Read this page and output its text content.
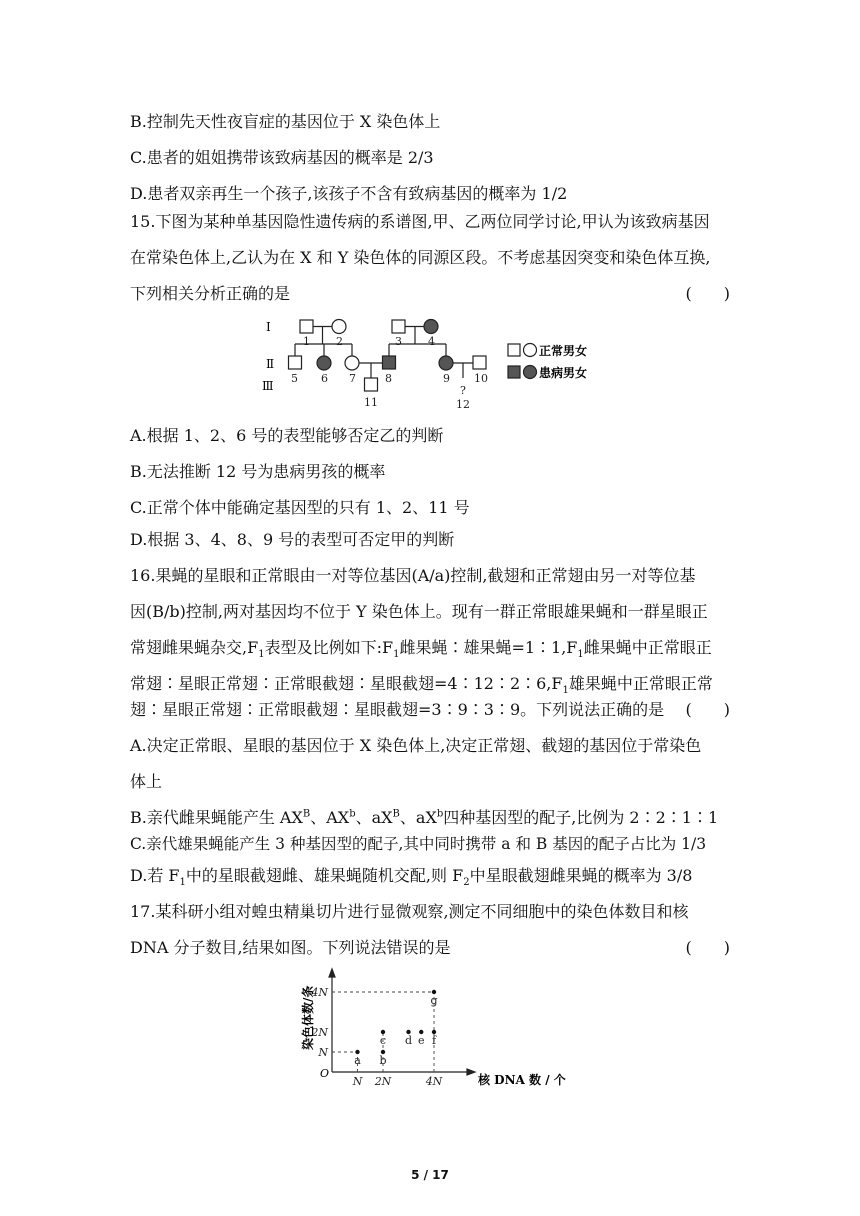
B.控制先天性夜盲症的基因位于 X 染色体上
C.患者的姐姐携带该致病基因的概率是 2/3
D.患者双亲再生一个孩子,该孩子不含有致病基因的概率为 1/2
15.下图为某种单基因隐性遗传病的系谱图,甲、乙两位同学讨论,甲认为该致病基因
在常染色体上,乙认为在 X 和 Y 染色体的同源区段。不考虑基因突变和染色体互换,
下列相关分析正确的是	(　　)
Ⅰ
Ⅱ
Ⅲ
1 2	3 4
5 6 7	8	9 10
11
?
12
正常男女
患病男女
A.根据 1、2、6 号的表型能够否定乙的判断
B.无法推断 12 号为患病男孩的概率
C.正常个体中能确定基因型的只有 1、2、11 号
D.根据 3、4、8、9 号的表型可否定甲的判断
16.果蝇的星眼和正常眼由一对等位基因(A/a)控制,截翅和正常翅由另一对等位基
因(B/b)控制,两对基因均不位于 Y 染色体上。现有一群正常眼雄果蝇和一群星眼正
常翅雌果蝇杂交$,F_1$表型及比例如下$:F_1$雌果蝇∶雄果蝇$=1∶1,F_1$雌果蝇中正常眼正
常翅∶星眼正常翅∶正常眼截翅∶星眼截翅$=4∶12∶2∶6,F_1$雄果蝇中正常眼正常
翅∶星眼正常翅∶正常眼截翅∶星眼截翅=3∶9∶3∶9。下列说法正确的是 (　　)
A.决定正常眼、星眼的基因位于 X 染色体上,决定正常翅、截翅的基因位于常染色
体上
B.亲代雌果蝇能产生 $AX^B$、$AX^b$、$aX^B$、$aX^b$四种基因型的配子,比例为 2∶2∶1∶1
C.亲代雄果蝇能产生 3 种基因型的配子,其中同时携带 a 和 B 基因的配子占比为 1/3
D.若 $F_1$中的星眼截翅雌、雄果蝇随机交配,则 $F_2$中星眼截翅雌果蝇的概率为 3/8
17.某科研小组对蝗虫精巢切片进行显微观察,测定不同细胞中的染色体数目和核
DNA 分子数目,结果如图。下列说法错误的是	(　　)
N
2N
4N
N 2N	4N
a b
c d e f
g
O
染色体数/条
核 DNA 数 / 个
5 / 17
